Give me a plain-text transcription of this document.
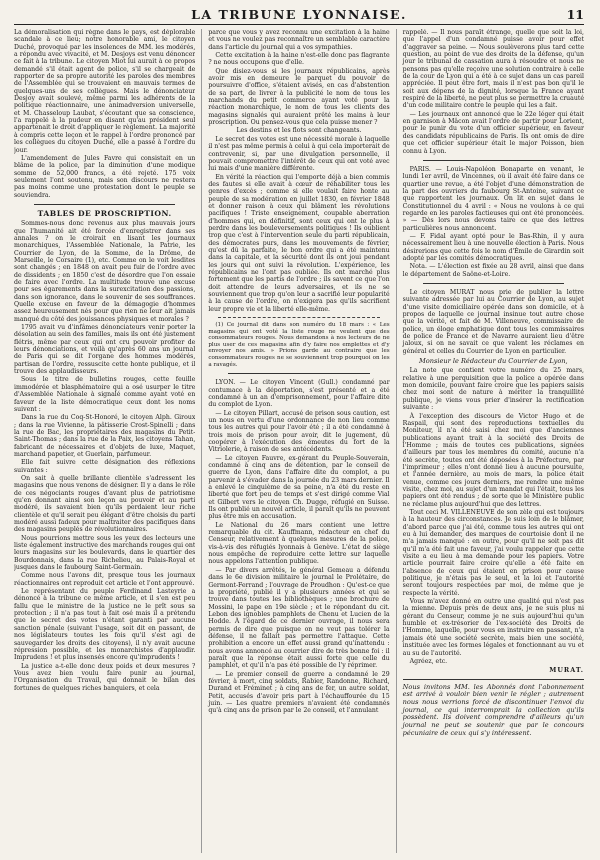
LA TRIBUNE LYONNAISE.	11

La démoralisation qui règne dans le pays, est déplorable scandale à ce lieu; notre honorable ami, le citoyen Duché, provoqué par les insolences de MM. les modérés, a répondu avec vivacité, et M. Desjoys est venu dénoncer ce fait à la tribune. Le citoyen Miot lui aurait à ce propos demandé s'il était agent de police, s'il se chargeait de rapporter de sa propre autorité les paroles des membres de l'Assemblée qui se trouvaient en mauvais termes de quelques-uns de ses collègues. Mais le dénonciateur Desjoy avait soulevé, même parmi les adhérents de la politique réactionnaire, une animadversion universelle, et M. Chasseloup Laubat, s'écoutant que sa conscience, l'a rappelé à la pudeur en disant qu'au président seul appartenait le droit d'appliquer le règlement. La majorité à compris cette leçon et le rappel à l'ordre prononcé par les collègues du citoyen Duché, elle a passé à l'ordre du jour.

L'amendement de Jules Favre qui consistait en un blâme de la police, par la diminution d'une modique somme de 52,000 francs, a été rejeté. 175 voix seulement l'ont soutenu, mais son discours ne restera pas moins comme une protestation dont le peuple se souviendra.

TABLES DE PROSCRIPTION.

Sommes-nous donc revenus aux plus mauvais jours que l'humanité ait été forcée d'enregistrer dans ses annales ? on le croirait en lisant les journaux monarchiques, l'Assemblée Nationale, la Patrie, les Courrier de Lyon, de la Somme, de la Drôme, de Marseille, le Corsaire (1), etc. Comme on le voit lesdites sont changés ; en 1848 on avait peu fuir de l'ordre avec de dissidents ; en 1850 c'est de désordre que l'on essaie de faire avec l'ordre. La multitude trouve une excuse pour ses égarements dans la surexcitation des passions, dans son ignorance, dans le souvenir de ses souffrances. Quelle excuse en faveur de la démagogie d'hommes assez heureusement nés pour que rien ne leur ait jamais manqué du côté des jouissances physiques et morales ?

1795 avait vu d'infâmes dénonciateurs venir porter la désolation au sein des familles, mais ils ont été justement flétris, même par ceux qui ont cru pouvoir profiter de leurs dénonciations, et voilà qu'après 60 ans un journal de Paris qui se dit l'organe des hommes modérés, partisan de l'ordre, ressuscite cette honte publique, et il trouve des applaudisseurs.

Sous le titre de bulletins rouges, cette feuille immodérée et blasphématoire qui a osé usurper le titre d'Assemblée Nationale à signalé comme ayant voté en faveur de la liste démocratique ceux dont les noms suivent :

Dans la rue du Coq-St-Honoré, le citoyen Alph. Giroux ; dans la rue Vivienne, la pâtisserie Crost-Spinelli ; dans la rue de Bac, les propriétaires des magasins du Petit-Saint-Thomas ; dans la rue de la Paix, les citoyens Tahan, fabricant de nécessaires et d'objets de luxe, Maquet, marchand papetier, et Guerlain, parfumeur.

Elle fait suivre cette désignation des réflexions suivantes :

On sait à quelle brillante clientèle s'adressent les magasins que nous venons de désigner. Il y a dans le rôle de ces négociants rouges d'avant plus de patriotisme qu'en donnant ainsi son leçon au pouvoir et au parti modéré, ils savaient bien qu'ils perdaient leur riche clientèle et qu'il serait peu élégant d'être choisis du parti modéré aussi fadeux pour maltraiter des pacifiques dans des magasins peuplés de révolutionnaires.

Nous pourrions mettre sous les yeux des lecteurs une liste également instructive des marchands rouges qui ont leurs magasins sur les boulevards, dans le quartier des Bourdonnais, dans la rue Richelieu, au Palais-Royal et jusques dans le faubourg Saint-Germain.

Comme nous l'avons dit, presque tous les journaux réactionnaires ont reproduit cet article et l'ont approuvé.

Le représentant du peuple Ferdinand Lasteyrie a dénoncé à la tribune ce même article, et il s'en est peu fallu que le ministre de la justice ne le prît sous sa protection ; il n'a pas tout à fait osé mais il a prétendu que le secret des votes n'étant garanti par aucune sanction pénale (suivant l'usage, soit dit en passant, de nos législateurs toutes les fois qu'il s'est agi de sauvegarder les droits des citoyens), il n'y avait aucune répression possible, et les monarchistes d'applaudir. Imprudens ! et plus insensés encore qu'imprudents !

La justice a-t-elle donc deux poids et deux mesures ? Vous avez bien voulu faire punir au journal, l'Organisation du Travail, qui donnait le bilan des fortunes de quelques riches banquiers, et cela

parce que vous y avez reconnu une excitation à la haine et vous ne voulez pas reconnaître un semblable caractère dans l'article du journal qui a vos sympathies.

Cette excitation à la haine n'est-elle donc pas flagrante ? ne nous occupons que d'elle.

Que disiez-vous si les journaux républicains, après avoir mis en demeure le parquet du pouvoir de poursuivre d'office, s'étaient avisés, en cas d'abstention de sa part, de livrer à la publicité le nom de tous les marchands du petit commerce ayant voté pour la réaction monarchique, le nom de tous les clients des magasins signalés qui auraient prêté les mains à leur proscription. Ou pensez-vous que cela puisse mener ?

Les destins et les flots sont changeants.

Le secret des votes est une nécessité morale à laquelle il n'est pas même permis à celui à qui cela importerait de contrevenir, si, par une divulgation personnelle, il pouvait compromettre l'intérêt de ceux qui ont voté avec lui mais d'une manière différente.

En vérité la réaction qui l'emporte déjà a bien commis des fautes si elle avait à cœur de réhabiliter tous les genres d'excès ; comme si elle voulait faire honte au peuple de sa modération en juillet 1830, en février 1848 et donner raison à ceux qui blâment les révolutions pacifiques ! Triste enseignement, coupable aberration d'hommes qui, en définitif, sont ceux qui ont le plus à perdre dans les bouleversements politiques ! Ils oublient trop que c'est à l'intervention seule du parti républicain, des démocrates purs, dans les mouvements de février, qu'est dû la parfaite, le bon ordre qui a été maintenu dans la capitale, et la sécurité dont ils ont joui pendant les jours qui ont suivi la révolution. L'expérience, les républicains ne l'ont pas oubliée. Ils ont marché plus fortement que les partis de l'ordre ; ils savent ce que l'on doit attendre de leurs adversaires, et ils ne se souviennent que trop qu'on leur a sacrifié leur popularité à la cause de l'ordre, on n'exigera pas qu'ils sacrifient leur propre vie et la liberté elle-même.

(1) Ce journal dit dans son numéro du 18 mars : « Les magasins qui ont voté la liste rouge ne veulent que des consommateurs rouges. Nous demandons à nos lecteurs de ne plus user de ces magasins afin d'y faire nos emplettes et d'y envoyer nos amis. » Prions garde au contraire que les consommateurs rouges ne se souviennent trop pourquoi on les a ravagés.

LYON. — Le citoyen Vincent (Gull.) condamné par contumace à la déportation, s'est présenté et a été condamné à un an d'emprisonnement, pour l'affaire dite du complot de Lyon.

— Le citoyen Pillart, accusé de prison sous caution, est un nous en vertu d'une ordonnance de non lieu comme tous les autres qui pour l'avoir été ; il a été condamné à trois mois de prison pour avoir, dit le jugement, dû coopérer à l'exécution des émeutes du fort de la Vitriolerie, à raison de ses antécédents.

— Le citoyen Fauvre, ex-gérant du Peuple-Souverain, condamné à cinq ans de détention, par le conseil de guerre de Lyon, dans l'affaire dite du complot, a pu parvenir à s'évader dans la journée du 23 mars dernier. Il a enlevé le cinquième de sa peine, n'a été du reste en liberté que fort peu de temps et s'est dirigé comme Vial et Gilbert vers le citoyen Ch. Dugge, réfugié en Suisse. Ils ont publié un nouvel article, il paraît qu'ils ne peuvent plus être mis en accusation.

Le National du 26 mars contient une lettre remarquable du cit. Kauffmann, rédacteur en chef du Censeur, relativement à quelques mesures de la police, vis-à-vis des réfugiés lyonnais à Genève. L'état de siège nous empêche de reproduire cette lettre sur laquelle nous appelons l'attention publique.

— Par divers arrêtés, le général Gemeau a défendu dans le 6e division militaire le journal le Prolétaire, de Germont-Ferrand ; l'ouvrage de Proudhon : Qu'est-ce que la propriété, publié il y a plusieurs années et qui se trouve dans toutes les bibliothèques ; une brochure de Mossini, le pape en 19e siècle ; et le répondant du cit. Lebon des ignobles pamphlets de Chenu et Lucien de la Hodde. À l'égard de ce dernier ouvrage, il nous sera permis de dire que puisque on ne veut pas tolérer la défense, il ne fallait pas permettre l'attaque. Cette prohibition a encore un effet aussi grand qu'inattendu : nous avons annoncé au courrier dire de très bonne foi : il paraît que la réponse était aussi forte que celle du pamphlet, et qu'il n'a pas été possible de l'y réprimer.

— Le premier conseil de guerre a condamné le 29 février, à mort, cinq soldats, Rabier, Randonne, Richard, Durand et Fréminet ; à cinq ans de fer, un autre soldat, Petit, accusés d'avoir pris part à l'échauffourée du 15 juin. — Les quatre premiers n'avaient été condamnés qu'à cinq ans de prison par le 2e conseil, et l'annulant

rappelé. — Il nous paraît étrange, quelle que soit la loi, que l'appel d'un condamné puisse avoir pour effet d'aggraver sa peine. — Nous soulèverons plus tard cette question, au point de vue des droits de la défense, qu'un jour le tribunal de cassation aura à résoudre et nous ne pensons pas qu'elle reçoive une solution contraire à celle de la cour de Lyon qui a été à ce sujet dans un cas pareil appréciée. Il peut être fort, mais il n'est pas bon qu'il le soit aux dépens de la dignité, lorsque la France ayant respiré de la liberté, ne peut plus se permettre la cruauté d'un code militaire contre le peuple qui les a fait.

— Les journaux ont annoncé que le 22e léger qui était en garnison à Mâcon avait l'ordre de partir pour Lorient, pour le punir du vote d'un officier supérieur, en faveur des candidats républicains de Paris. Ils ont omis de dire que cet officier supérieur était le major Poisson, bien connu à Lyon.

PARIS. — Louis-Napoléon Bonaparte en venant, le lundi 1er avril, de Vincennes, où il avait été faire dans ce quartier une revue, a été l'objet d'une démonstration de la part des ouvriers du faubourg St-Antoine, suivant ce que rapportent les journaux. On lit en sujet dans le Constitutionnel du 4 avril : « Nous ne voulons à ce qui regarde en les paroles factieuses qui ont été prononcées. » — Dès lors nous devons taire ce que des lettres particulières nous annoncent.

— F. Fidal ayant opté pour le Bas-Rhin, il y aura nécessairement lieu à une nouvelle élection à Paris. Nous désirerions que cette fois le nom d'Émile de Girardin soit adopté par les comités démocratiques.

Nota. — L'élection est fixée au 28 avril, ainsi que dans le département de Saône-et-Loire.

Le citoyen MURAT nous prie de publier la lettre suivante adressée par lui au Courrier de Lyon, au sujet d'une visite domiciliaire opérée dans son domicile, et à propos de laquelle ce journal insinue tout autre chose que la vérité, et fait de M. Villeneuve, commissaire de police, un éloge emphatique dont tous les commissaires de police de France et de Navarre auraient lieu d'être jaloux, si on ne savait ce que valent les réclames en général et celles du Courrier de Lyon en particulier.

Monsieur le Rédacteur du Courrier de Lyon,

La note que contient votre numéro du 25 mars, relative à une perquisition que la police a opérée dans mon domicile, pouvant faire croire que les papiers saisis chez moi sont de nature à mériter la tranquillité publique, je viens vous prier d'insérer la rectification suivante :

À l'exception des discours de Victor Hugo et de Raspail, qui sont des reproductions textuelles du Moniteur, il n'a été saisi chez moi que d'anciennes publications ayant trait à la société des Droits de l'Homme ; mais de toutes ces publications, signées d'ailleurs par tous les membres du comité, aucune n'a été secrète, toutes ont été déposées à la Préfecture, par l'imprimeur ; elles n'ont donné lieu à aucune poursuite, et l'année dernière, au mois de mars, la police était venue, comme ces jours derniers, me rendre une même visite, chez moi, au sujet d'un mandat qui l'était, tous les papiers ont été rendus ; de sorte que le Ministère public ne réclame plus aujourd'hui que des lettres.

Tout ceci M. VILLENEUVE de son zèle qui est toujours à la hauteur des circonstances. Je suis loin de le blâmer, d'abord parce que j'ai été, comme tous les autres qui ont eu à lui demander, des marques de courtoisie dont il ne m'a jamais manqué : en outre, pour qu'il ne soit pas dit qu'il m'a été fait une faveur, j'ai voulu rappeler que cette visite a eu lieu à ma demande pour les papiers. Votre article pourrait faire croire qu'elle a été faite en l'absence de ceux qui étaient en prison pour cause politique, je n'étais pas le seul, et la loi et l'autorité seront toujours respectées par moi, de même que je respecte la vérité.

Vous m'avez donné en outre une qualité qui n'est pas la mienne. Depuis près de deux ans, je ne suis plus ni gérant du Censeur, comme je ne suis aujourd'hui qu'un humble et ex-trésorier de l'ex-société des Droits de l'Homme, laquelle, pour vous en instruire en passant, n'a jamais été une société secrète, mais bien une société, instituée avec les formes légales et fonctionnant au vu et au su de l'autorité.

Agréez, etc.

MURAT.
Nous invitons MM. les Abonnés dont l'abonnement est arrivé à vouloir bien venir le régler ; autrement nous nous verrions forcé de discontinuer l'envoi du journal, ce qui interromprait la collection qu'ils possèdent. Ils doivent comprendre d'ailleurs qu'un journal ne peut se soutenir que par le concours pécuniaire de ceux qui s'y intéressent.
